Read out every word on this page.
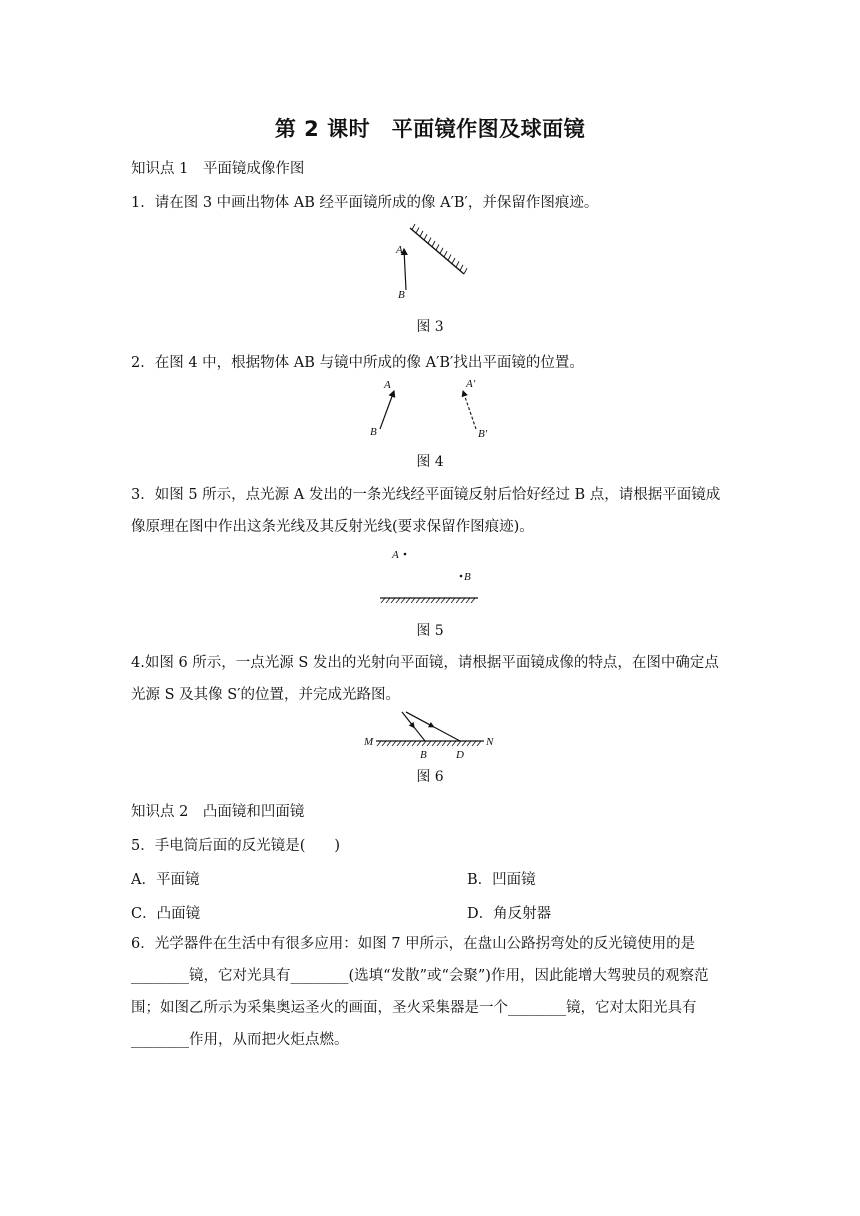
第 2 课时　平面镜作图及球面镜
知识点 1　平面镜成像作图
1．请在图 3 中画出物体 AB 经平面镜所成的像 A′B′，并保留作图痕迹。
A
B
图 3
2．在图 4 中，根据物体 AB 与镜中所成的像 A′B′找出平面镜的位置。
A
B
A′
B′
图 4
3．如图 5 所示，点光源 A 发出的一条光线经平面镜反射后恰好经过 B 点，请根据平面镜成像原理在图中作出这条光线及其反射光线(要求保留作图痕迹)。
A
B
图 5
4.如图 6 所示，一点光源 S 发出的光射向平面镜，请根据平面镜成像的特点，在图中确定点光源 S 及其像 S′的位置，并完成光路图。
M	N
B	D
图 6
知识点 2　凸面镜和凹面镜
5．手电筒后面的反光镜是(　　)
A．平面镜	B．凹面镜
C．凸面镜	D．角反射器
6．光学器件在生活中有很多应用：如图 7 甲所示，在盘山公路拐弯处的反光镜使用的是________镜，它对光具有________(选填“发散”或“会聚”)作用，因此能增大驾驶员的观察范围；如图乙所示为采集奥运圣火的画面，圣火采集器是一个________镜，它对太阳光具有________作用，从而把火炬点燃。
